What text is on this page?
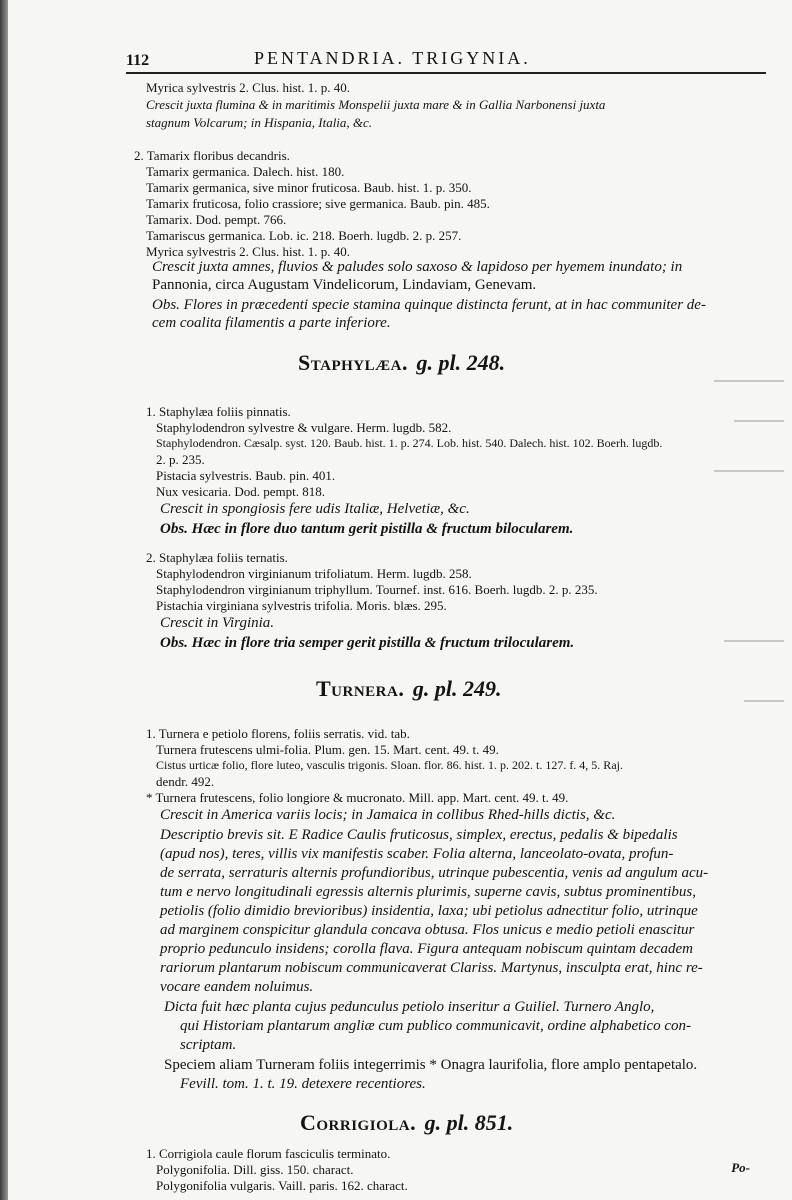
112	PENTANDRIA. TRIGYNIA.
Myrica sylvestris 2. Clus. hist. 1. p. 40.
Crescit juxta flumina & in maritimis Monspelii juxta mare & in Gallia Narbonensi juxta
stagnum Volcarum; in Hispania, Italia, &c.
2. Tamarix floribus decandris.
Tamarix germanica. Dalech. hist. 180.
Tamarix germanica, sive minor fruticosa. Baub. hist. 1. p. 350.
Tamarix fruticosa, folio crassiore; sive germanica. Baub. pin. 485.
Tamarix. Dod. pempt. 766.
Tamariscus germanica. Lob. ic. 218. Boerh. lugdb. 2. p. 257.
Myrica sylvestris 2. Clus. hist. 1. p. 40.
Crescit juxta amnes, fluvios & paludes solo saxoso & lapidoso per hyemem inundato; in
Pannonia, circa Augustam Vindelicorum, Lindaviam, Genevam.
Obs. Flores in præcedenti specie stamina quinque distincta ferunt, at in hac communiter de-
cem coalita filamentis a parte inferiore.
Staphylæa. g. pl. 248.
1. Staphylæa foliis pinnatis.
Staphylodendron sylvestre & vulgare. Herm. lugdb. 582.
Staphylodendron. Cæsalp. syst. 120. Baub. hist. 1. p. 274. Lob. hist. 540. Dalech. hist. 102. Boerh. lugdb.
2. p. 235.
Pistacia sylvestris. Baub. pin. 401.
Nux vesicaria. Dod. pempt. 818.
Crescit in spongiosis fere udis Italiæ, Helvetiæ, &c.
Obs. Hæc in flore duo tantum gerit pistilla & fructum bilocularem.
2. Staphylæa foliis ternatis.
Staphylodendron virginianum trifoliatum. Herm. lugdb. 258.
Staphylodendron virginianum triphyllum. Tournef. inst. 616. Boerh. lugdb. 2. p. 235.
Pistachia virginiana sylvestris trifolia. Moris. blæs. 295.
Crescit in Virginia.
Obs. Hæc in flore tria semper gerit pistilla & fructum trilocularem.
Turnera. g. pl. 249.
1. Turnera e petiolo florens, foliis serratis. vid. tab.
Turnera frutescens ulmi-folia. Plum. gen. 15. Mart. cent. 49. t. 49.
Cistus urticæ folio, flore luteo, vasculis trigonis. Sloan. flor. 86. hist. 1. p. 202. t. 127. f. 4, 5. Raj.
dendr. 492.
* Turnera frutescens, folio longiore & mucronato. Mill. app. Mart. cent. 49. t. 49.
Crescit in America variis locis; in Jamaica in collibus Rhed-hills dictis, &c.
Descriptio brevis sit. E Radice Caulis fruticosus, simplex, erectus, pedalis & bipedalis
(apud nos), teres, villis vix manifestis scaber. Folia alterna, lanceolato-ovata, profun-
de serrata, serraturis alternis profundioribus, utrinque pubescentia, venis ad angulum acu-
tum e nervo longitudinali egressis alternis plurimis, superne cavis, subtus prominentibus,
petiolis (folio dimidio brevioribus) insidentia, laxa; ubi petiolus adnectitur folio, utrinque
ad marginem conspicitur glandula concava obtusa. Flos unicus e medio petioli enascitur
proprio pedunculo insidens; corolla flava. Figura antequam nobiscum quintam decadem
rariorum plantarum nobiscum communicaverat Clariss. Martynus, insculpta erat, hinc re-
vocare eandem noluimus.
Dicta fuit hæc planta cujus pedunculus petiolo inseritur a Guiliel. Turnero Anglo,
qui Historiam plantarum angliæ cum publico communicavit, ordine alphabetico con-
scriptam.
Speciem aliam Turneram foliis integerrimis * Onagra laurifolia, flore amplo pentapetalo.
Fevill. tom. 1. t. 19. detexere recentiores.
Corrigiola. g. pl. 851.
1. Corrigiola caule florum fasciculis terminato.
Polygonifolia. Dill. giss. 150. charact.
Polygonifolia vulgaris. Vaill. paris. 162. charact.
Po-
